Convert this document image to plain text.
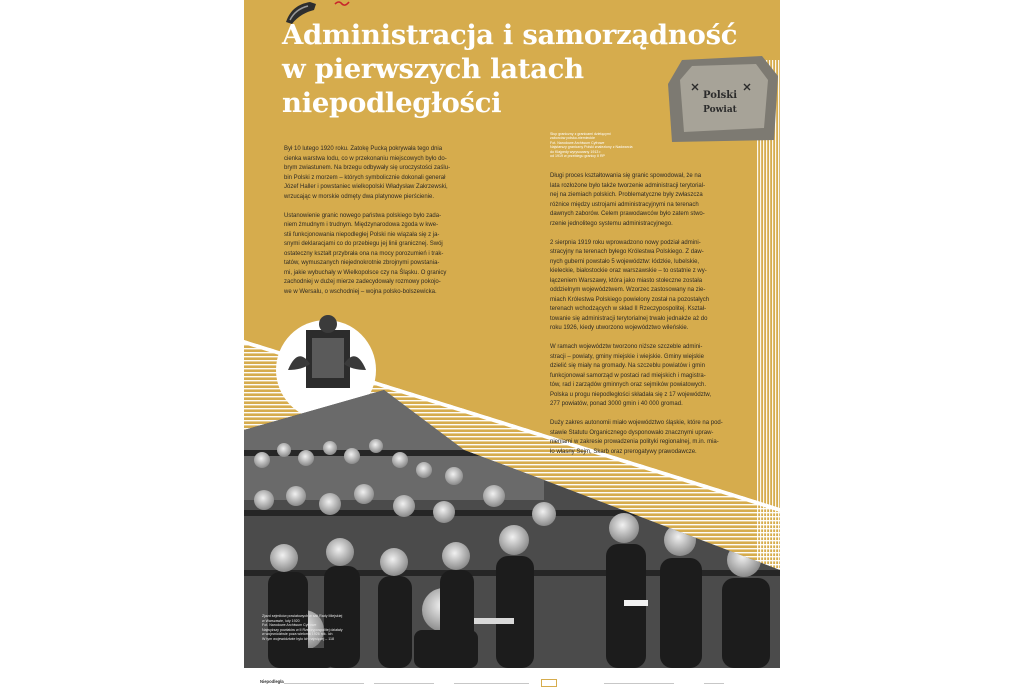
Administracja i samorządność
w pierwszych latach
niepodległości	Polski
Powiat
Słup graniczny z granicami dzielącymi
zaborców polsko-niemieckie
Fot. Narodowe Archiwum Cyfrowe
Najstarszy graniczny Polski znaleziony z Nadwarcia
do Kłajpedy wyrysowany 1913 r.
od 1919 w przebiegu granicy II RP

Był 10 lutego 1920 roku. Zatokę Pucką pokrywała tego dnia
cienka warstwa lodu, co w przekonaniu miejscowych było do-
brym zwiastunem. Na brzegu odbywały się uroczystości zaślu-
bin Polski z morzem – których symbolicznie dokonali generał
Józef Haller i powstaniec wielkopolski Władysław Zakrzewski,
wrzucając w morskie odmęty dwa platynowe pierścienie.

Ustanowienie granic nowego państwa polskiego było zada-
niem żmudnym i trudnym. Międzynarodowa zgoda w kwe-
stii funkcjonowania niepodległej Polski nie wiązała się z ja-
snymi deklaracjami co do przebiegu jej linii granicznej. Swój
ostateczny kształt przybrała ona na mocy porozumień i trak-
tatów, wymuszanych niejednokrotnie zbrojnymi powstania-
mi, jakie wybuchały w Wielkopolsce czy na Śląsku. O granicy
zachodniej w dużej mierze zadecydowały rozmowy pokojo-
we w Wersalu, o wschodniej – wojna polsko-bolszewicka.

Długi proces kształtowania się granic spowodował, że na
lata rozłożone było także tworzenie administracji terytorial-
nej na ziemiach polskich. Problematyczne były zwłaszcza
różnice między ustrojami administracyjnymi na terenach
dawnych zaborów. Celem prawodawców było zatem stwo-
rzenie jednolitego systemu administracyjnego.

2 sierpnia 1919 roku wprowadzono nowy podział admini-
stracyjny na terenach byłego Królestwa Polskiego. Z daw-
nych guberni powstało 5 województw: łódzkie, lubelskie,
kieleckie, białostockie oraz warszawskie – to ostatnie z wy-
łączeniem Warszawy, która jako miasto stołeczne została
oddzielnym województwem. Wzorzec zastosowany na zie-
miach Królestwa Polskiego powielony został na pozostałych
terenach wchodzących w skład II Rzeczypospolitej. Kształ-
towanie się administracji terytorialnej trwało jednakże aż do
roku 1926, kiedy utworzono województwo wileńskie.

W ramach województw tworzono niższe szczeble admini-
stracji – powiaty, gminy miejskie i wiejskie. Gminy wiejskie
dzielić się miały na gromady. Na szczeblu powiatów i gmin
funkcjonował samorząd w postaci rad miejskich i magistra-
tów, rad i zarządów gminnych oraz sejmików powiatowych.
Polska u progu niepodległości składała się z 17 województw,
277 powiatów, ponad 3000 gmin i 40 000 gromad.

Duży zakres autonomii miało województwo śląskie, które na pod-
stawie Statutu Organicznego dysponowało znacznymi upraw-
nieniami w zakresie prowadzenia polityki regionalnej, m.in. mia-
ło własny Sejm, Skarb oraz prerogatywy prawodawcze.

Zjazd sejmików powiatowych w sali Rady Miejskiej
w Warszawie, luty 1920
Fot. Narodowe Archiwum Cyfrowe
Najwyższy powiatów w II Rzeczypospolitej działały
w województwie poza wieloma 1926 rok. Ich
W tym województwie było ich najwięcej – 118
Niepodległa
